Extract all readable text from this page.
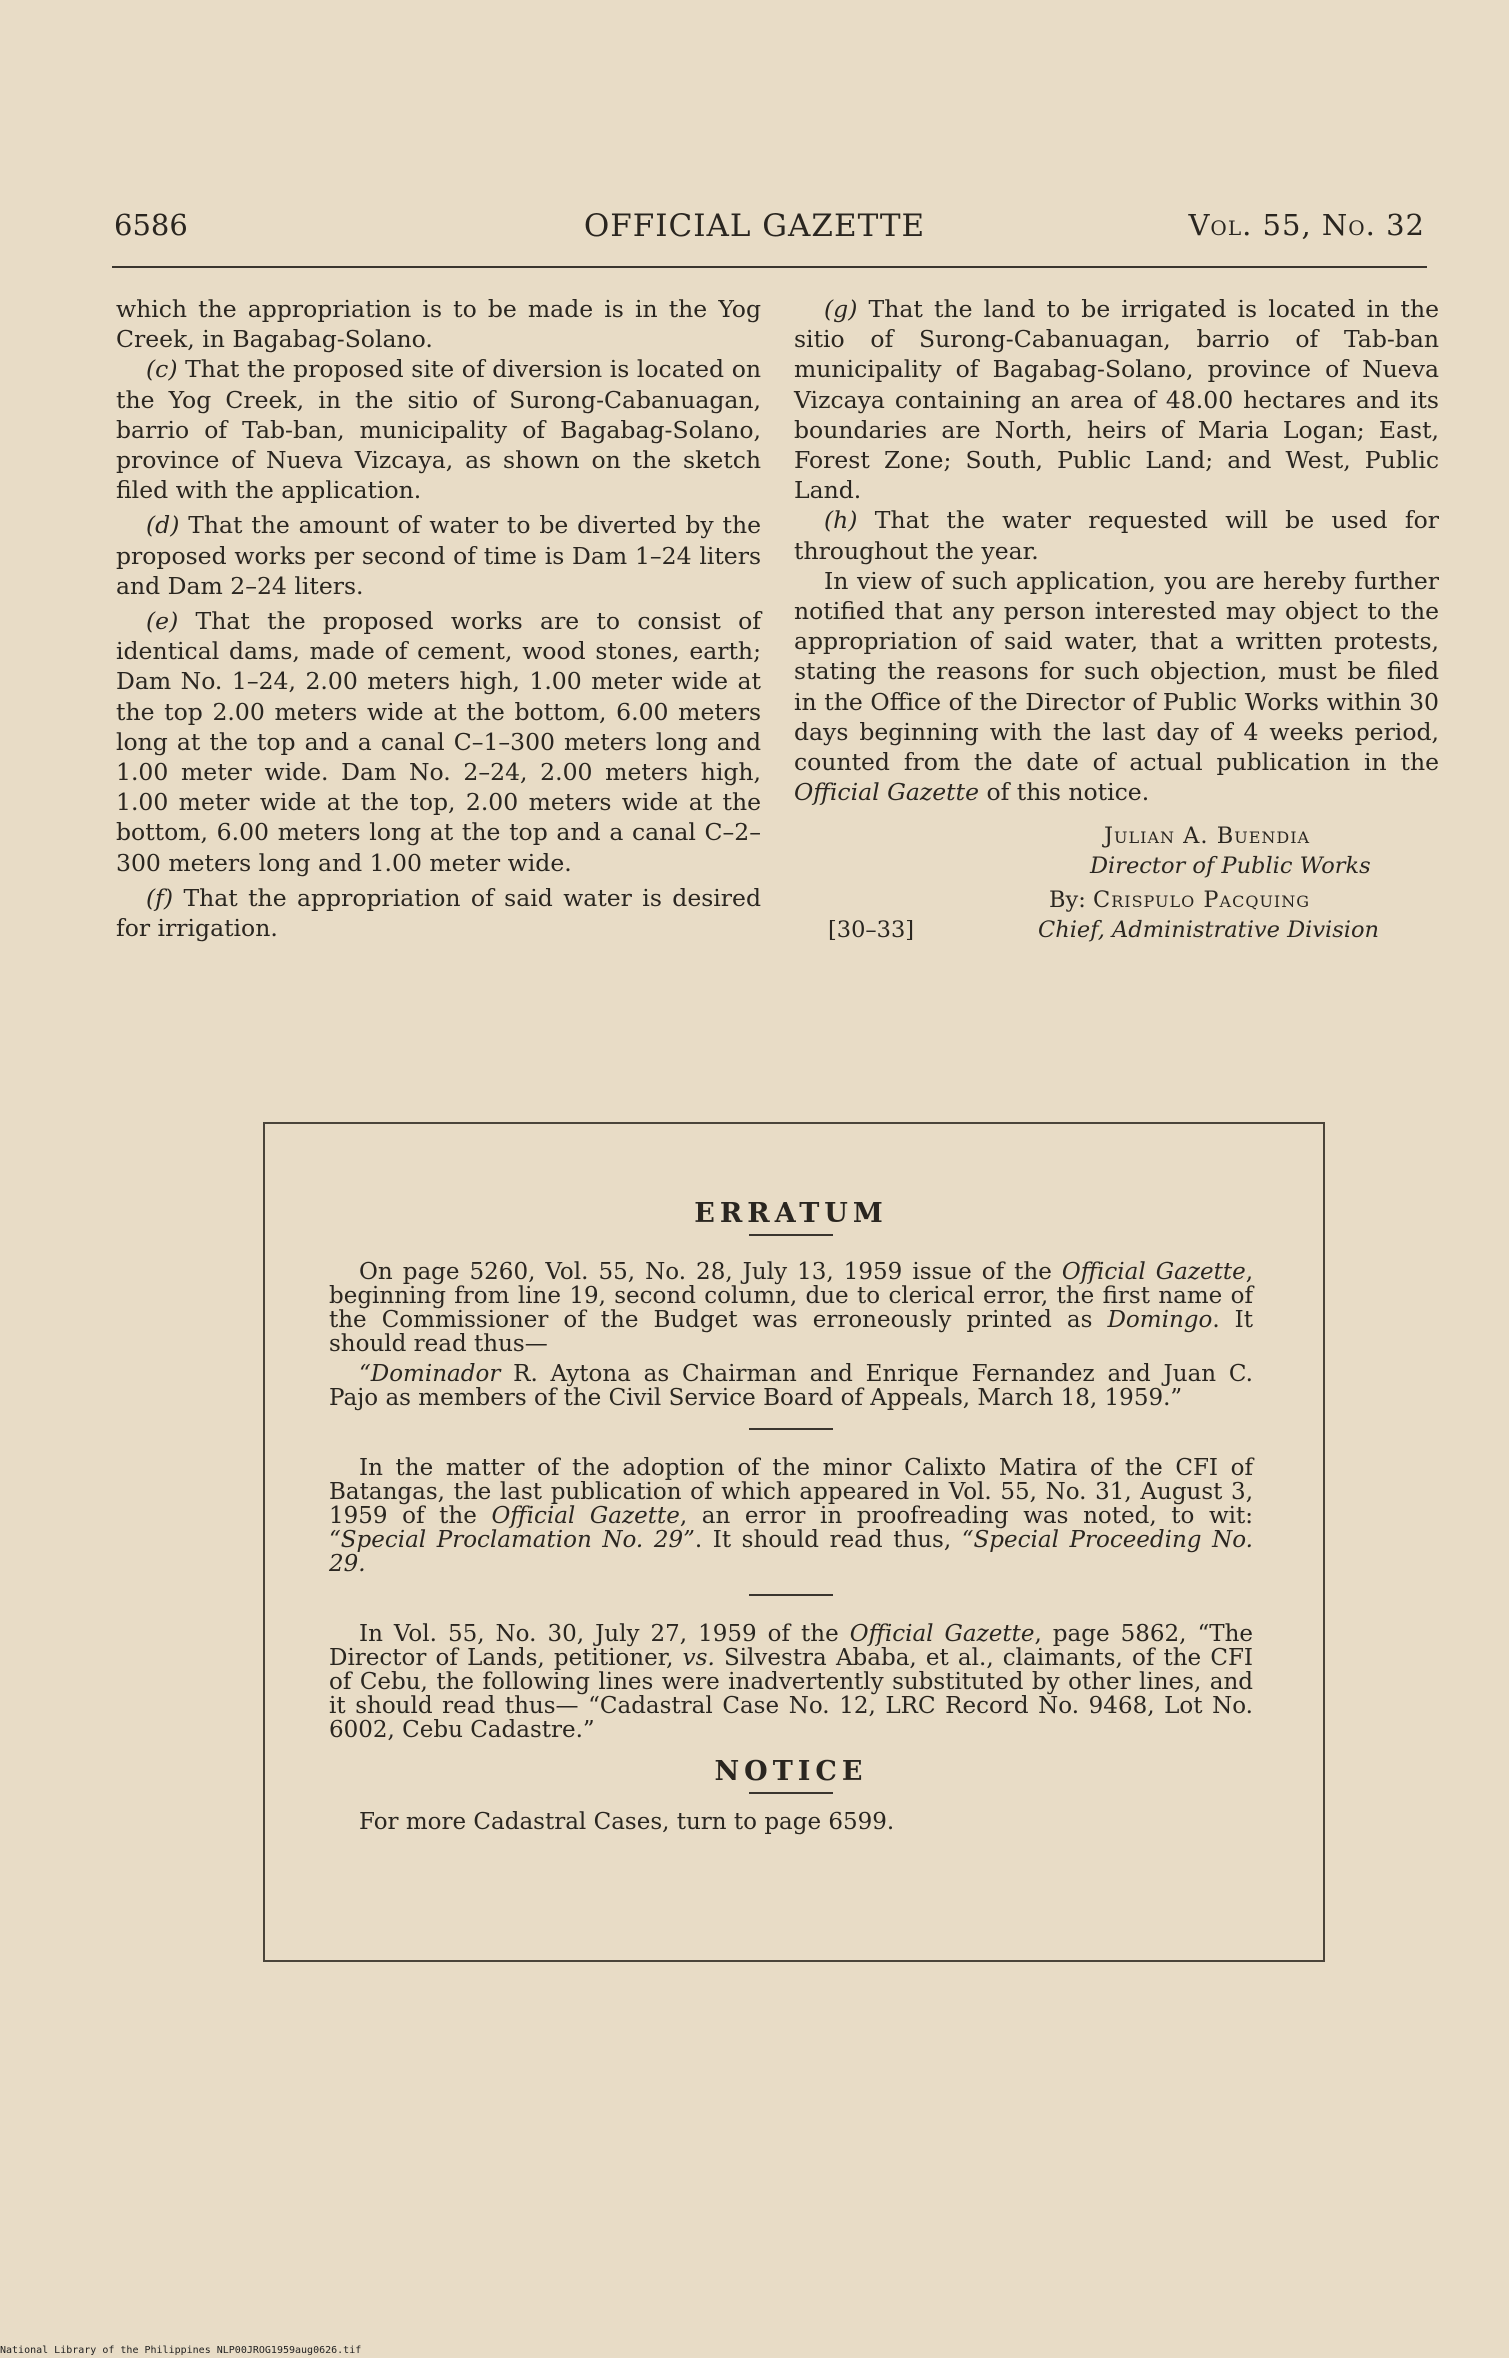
6586	OFFICIAL GAZETTE	Vol. 55, No. 32

which the appropriation is to be made is in the Yog Creek, in Bagabag-Solano.

(c) That the proposed site of diversion is located on the Yog Creek, in the sitio of Surong-Cabanuagan, barrio of Tab-ban, municipality of Bagabag-Solano, province of Nueva Vizcaya, as shown on the sketch filed with the application.

(d) That the amount of water to be diverted by the proposed works per second of time is Dam 1–24 liters and Dam 2–24 liters.

(e) That the proposed works are to consist of identical dams, made of cement, wood stones, earth; Dam No. 1–24, 2.00 meters high, 1.00 meter wide at the top 2.00 meters wide at the bottom, 6.00 meters long at the top and a canal C–1–300 meters long and 1.00 meter wide. Dam No. 2–24, 2.00 meters high, 1.00 meter wide at the top, 2.00 meters wide at the bottom, 6.00 meters long at the top and a canal C–2–300 meters long and 1.00 meter wide.

(f) That the appropriation of said water is desired for irrigation.

(g) That the land to be irrigated is located in the sitio of Surong-Cabanuagan, barrio of Tab-ban municipality of Bagabag-Solano, province of Nueva Vizcaya containing an area of 48.00 hectares and its boundaries are North, heirs of Maria Logan; East, Forest Zone; South, Public Land; and West, Public Land.

(h) That the water requested will be used for throughout the year.

In view of such application, you are hereby further notified that any person interested may object to the appropriation of said water, that a written protests, stating the reasons for such objection, must be filed in the Office of the Director of Public Works within 30 days beginning with the last day of 4 weeks period, counted from the date of actual publication in the Official Gazette of this notice.

Julian A. Buendia
Director of Public Works
By: Crispulo Pacquing
[30–33]	Chief, Administrative Division
ERRATUM

On page 5260, Vol. 55, No. 28, July 13, 1959 issue of the Official Gazette, beginning from line 19, second column, due to clerical error, the first name of the Commissioner of the Budget was erroneously printed as Domingo. It should read thus—

“Dominador R. Aytona as Chairman and Enrique Fernandez and Juan C. Pajo as members of the Civil Service Board of Appeals, March 18, 1959.”

In the matter of the adoption of the minor Calixto Matira of the CFI of Batangas, the last publication of which appeared in Vol. 55, No. 31, August 3, 1959 of the Official Gazette, an error in proofreading was noted, to wit: “Special Proclamation No. 29”. It should read thus, “Special Proceeding No. 29.

In Vol. 55, No. 30, July 27, 1959 of the Official Gazette, page 5862, “The Director of Lands, petitioner, vs. Silvestra Ababa, et al., claimants, of the CFI of Cebu, the following lines were inadvertently substituted by other lines, and it should read thus— “Cadastral Case No. 12, LRC Record No. 9468, Lot No. 6002, Cebu Cadastre.”

NOTICE

For more Cadastral Cases, turn to page 6599.

National Library of the Philippines NLP00JROG1959aug0626.tif
